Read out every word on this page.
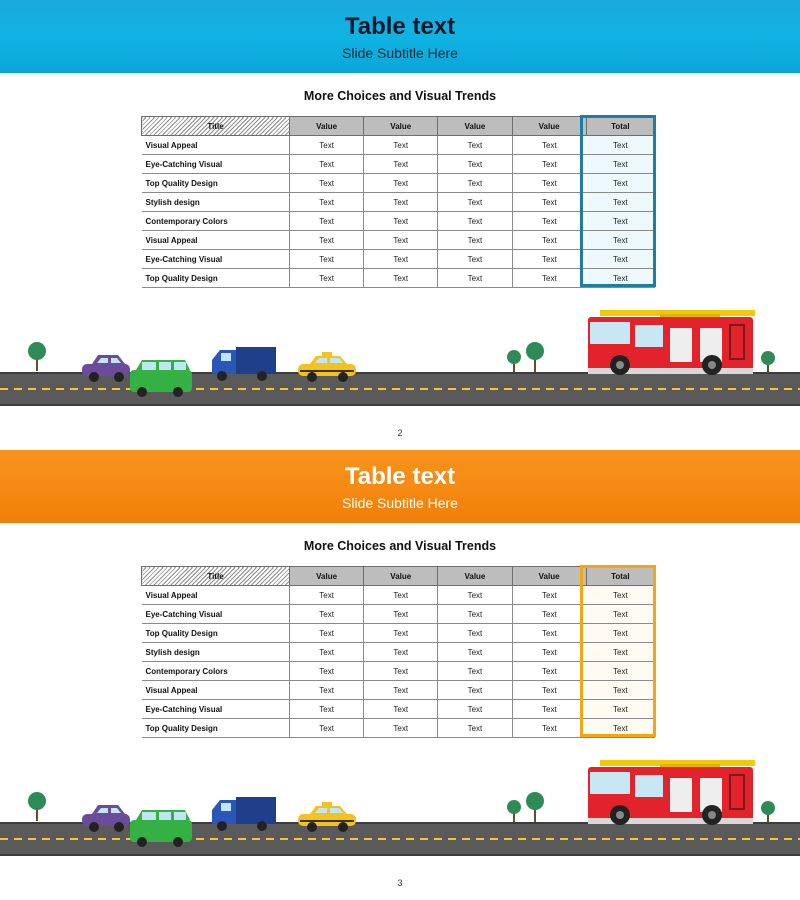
Table text
Slide Subtitle Here
More Choices and Visual Trends
Title	Value	Value	Value	Value	Total
Visual Appeal	Text	Text	Text	Text	Text
Eye-Catching Visual	Text	Text	Text	Text	Text
Top Quality Design	Text	Text	Text	Text	Text
Stylish design	Text	Text	Text	Text	Text
Contemporary Colors	Text	Text	Text	Text	Text
Visual Appeal	Text	Text	Text	Text	Text
Eye-Catching Visual	Text	Text	Text	Text	Text
Top Quality Design	Text	Text	Text	Text	Text
2
Table text
Slide Subtitle Here
More Choices and Visual Trends
Title	Value	Value	Value	Value	Total
Visual Appeal	Text	Text	Text	Text	Text
Eye-Catching Visual	Text	Text	Text	Text	Text
Top Quality Design	Text	Text	Text	Text	Text
Stylish design	Text	Text	Text	Text	Text
Contemporary Colors	Text	Text	Text	Text	Text
Visual Appeal	Text	Text	Text	Text	Text
Eye-Catching Visual	Text	Text	Text	Text	Text
Top Quality Design	Text	Text	Text	Text	Text
3
